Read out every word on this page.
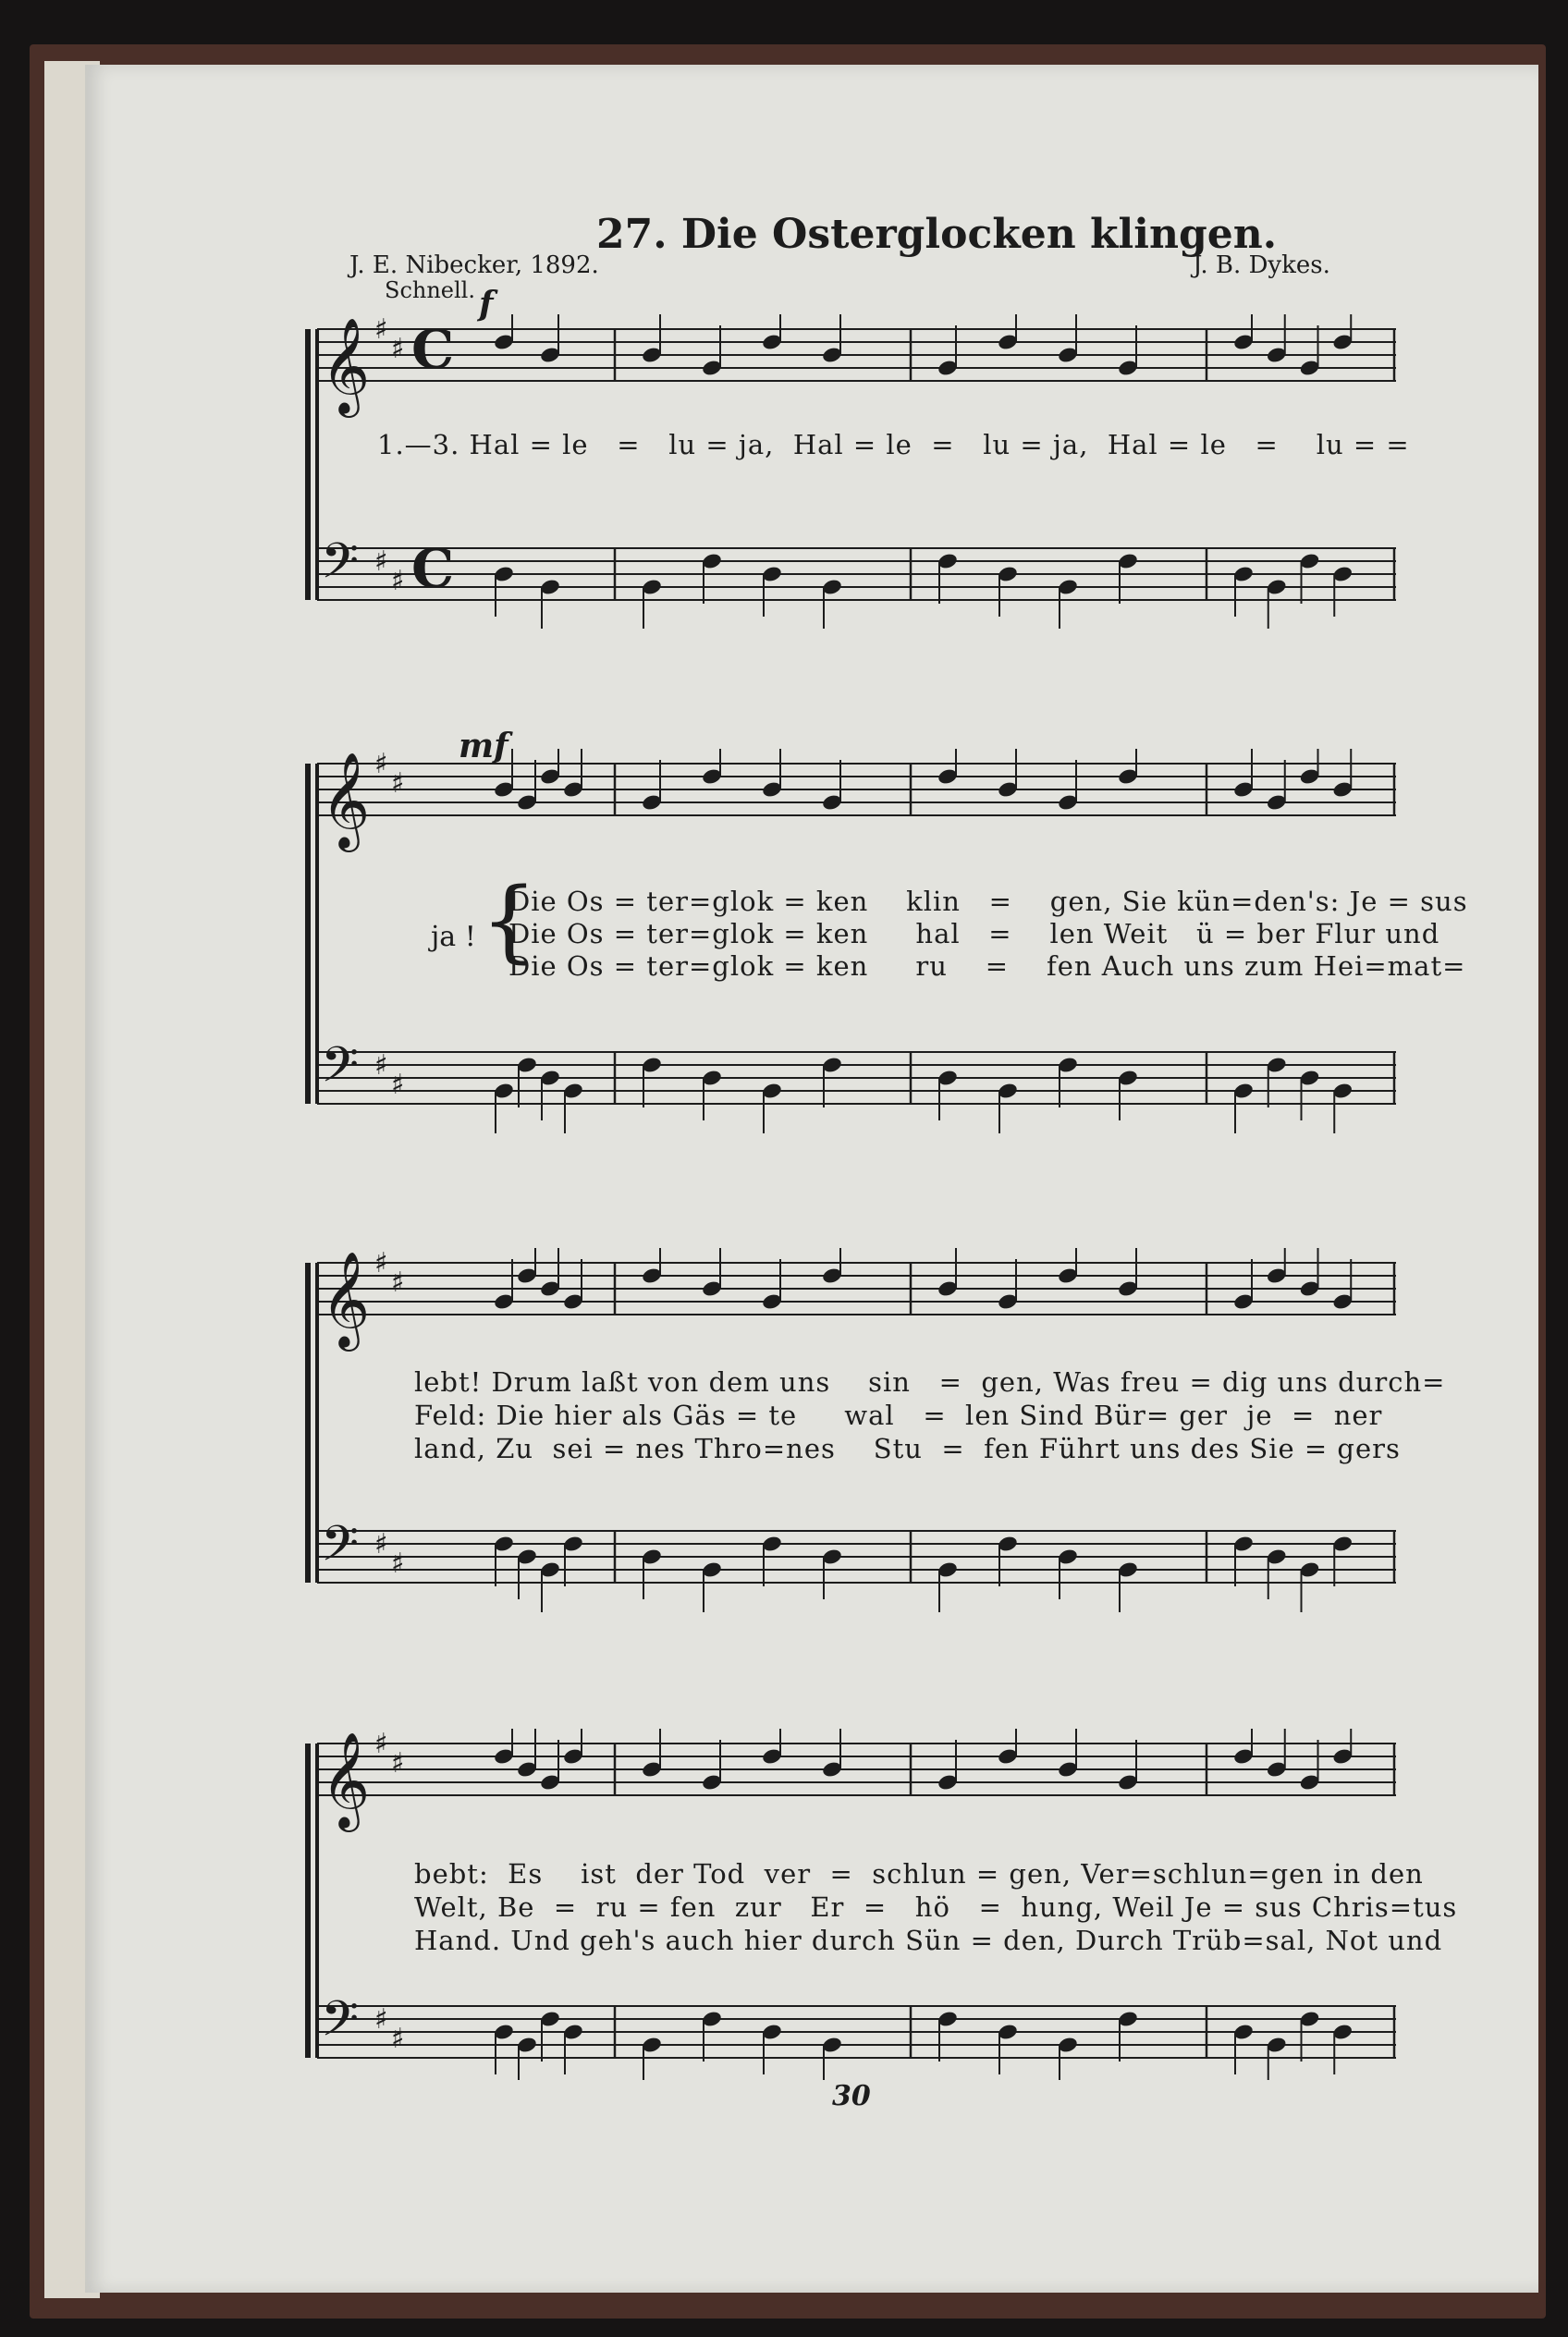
27. Die Osterglocken klingen.
J. E. Nibecker, 1892.	J. B. Dykes.
Schnell. f
mf
𝄞 ♯
♯ C
𝄢 ♯
♯ C
1.—3. Hal = le   =   lu = ja,  Hal = le  =   lu = ja,  Hal = le   =    lu = =
𝄞 ♯
♯
𝄢 ♯
♯
ja ! {
Die Os = ter=glok = ken    klin   =    gen, Sie kün=den's: Je = sus
Die Os = ter=glok = ken     hal   =    len Weit   ü = ber Flur und
Die Os = ter=glok = ken     ru    =    fen Auch uns zum Hei=mat=
𝄞 ♯
♯
𝄢 ♯
♯
lebt! Drum laßt von dem uns    sin   =  gen, Was freu = dig uns durch=
Feld: Die hier als Gäs = te     wal   =  len Sind Bür= ger  je  =  ner
land, Zu  sei = nes Thro=nes    Stu  =  fen Führt uns des Sie = gers
𝄞 ♯
♯
𝄢 ♯
♯
bebt:  Es    ist  der Tod  ver  =  schlun = gen, Ver=schlun=gen in den
Welt, Be  =  ru = fen  zur   Er  =   hö   =  hung, Weil Je = sus Chris=tus
Hand. Und geh's auch hier durch Sün = den, Durch Trüb=sal, Not und
30
